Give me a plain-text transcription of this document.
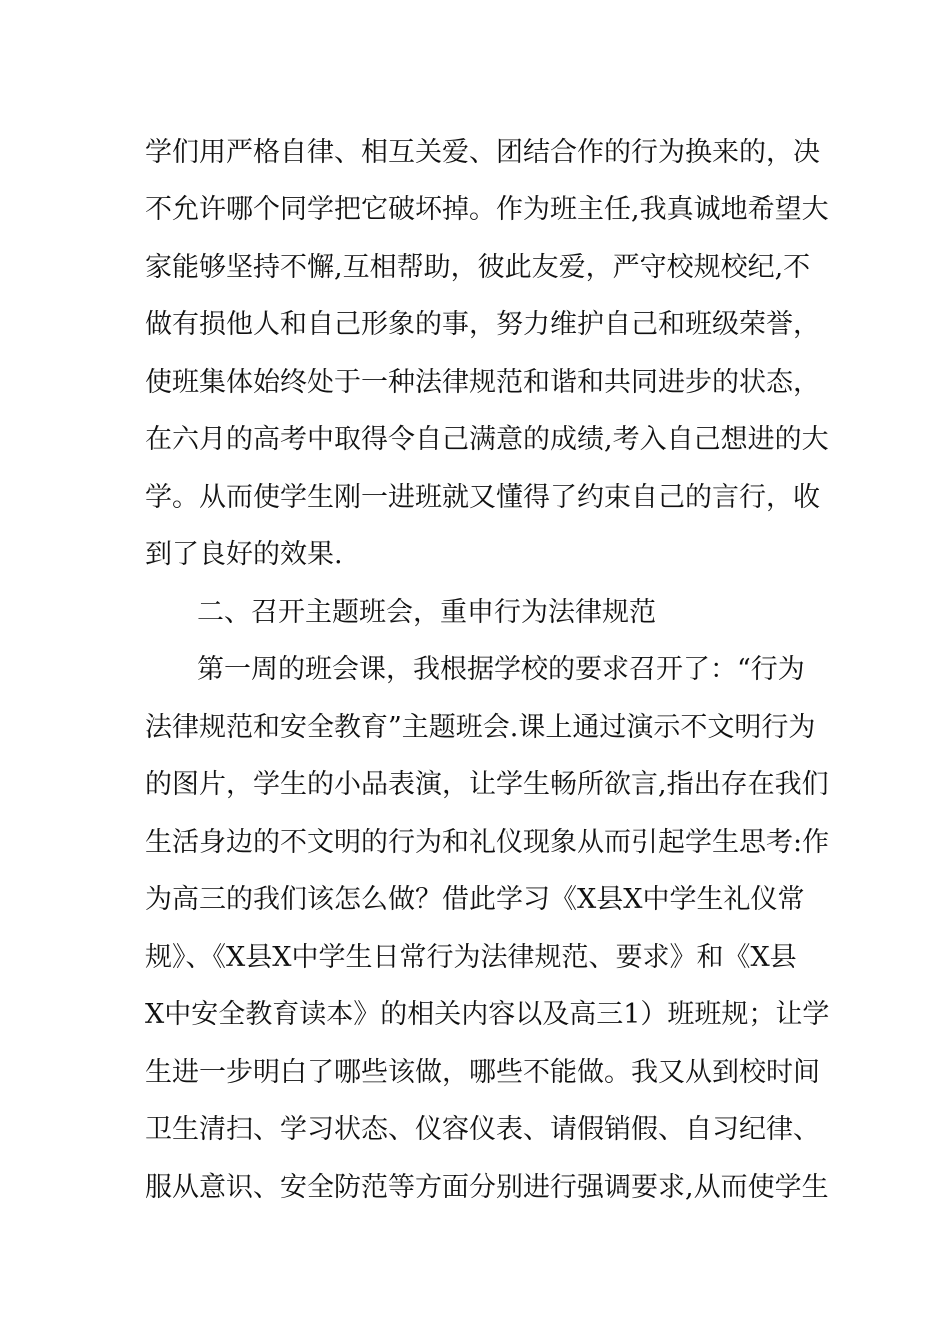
学们用严格自律、相互关爱、团结合作的行为换来的，决
不允许哪个同学把它破坏掉。作为班主任,我真诚地希望大
家能够坚持不懈,互相帮助，彼此友爱，严守校规校纪,不
做有损他人和自己形象的事，努力维护自己和班级荣誉，
使班集体始终处于一种法律规范和谐和共同进步的状态，
在六月的高考中取得令自己满意的成绩,考入自己想进的大
学。从而使学生刚一进班就又懂得了约束自己的言行，收
到了良好的效果.
二、召开主题班会，重申行为法律规范
第一周的班会课，我根据学校的要求召开了：“行为
法律规范和安全教育”主题班会.课上通过演示不文明行为
的图片，学生的小品表演，让学生畅所欲言,指出存在我们
生活身边的不文明的行为和礼仪现象从而引起学生思考:作
为高三的我们该怎么做？借此学习《X县X中学生礼仪常
规》、《X县X中学生日常行为法律规范、要求》和《X县
X中安全教育读本》的相关内容以及高三1）班班规；让学
生进一步明白了哪些该做，哪些不能做。我又从到校时间
卫生清扫、学习状态、仪容仪表、请假销假、自习纪律、
服从意识、安全防范等方面分别进行强调要求,从而使学生
